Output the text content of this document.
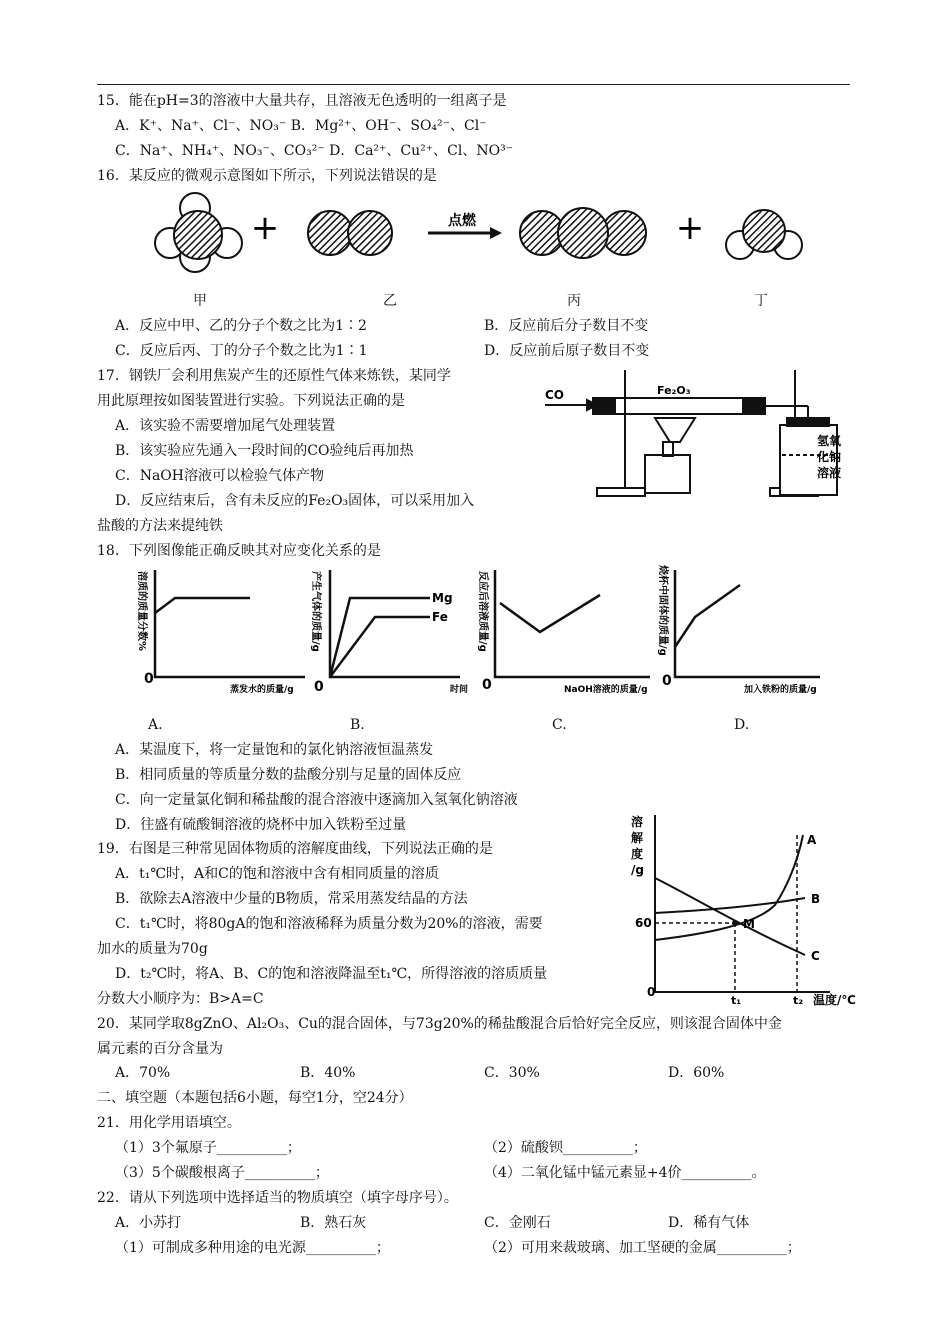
15．能在pH=3的溶液中大量共存，且溶液无色透明的一组离子是
A．K⁺、Na⁺、Cl⁻、NO₃⁻ B．Mg²⁺、OH⁻、SO₄²⁻、Cl⁻
C．Na⁺、NH₄⁺、NO₃⁻、CO₃²⁻ D．Ca²⁺、Cu²⁺、Cl、NO³⁻
16．某反应的微观示意图如下所示，下列说法错误的是
+	点燃	+
甲	乙	丙	丁
A．反应中甲、乙的分子个数之比为1∶2	B．反应前后分子数目不变
C．反应后丙、丁的分子个数之比为1∶1	D．反应前后原子数目不变
17．钢铁厂会利用焦炭产生的还原性气体来炼铁，某同学
用此原理按如图装置进行实验。下列说法正确的是
A．该实验不需要增加尾气处理装置
B．该实验应先通入一段时间的CO验纯后再加热
C．NaOH溶液可以检验气体产物
D．反应结束后，含有未反应的Fe₂O₃固体，可以采用加入
盐酸的方法来提纯铁
CO	Fe₂O₃
氢氧
化钠
溶液
18．下列图像能正确反映其对应变化关系的是
0	0	0	0
蒸发水的质量/g	时间	NaOH溶液的质量/g	加入铁粉的质量/g
Mg
Fe
溶质的质量分数%	产生气体的质量/g	反应后溶液质量/g	烧杯中固体的质量/g
A.	B.	C.	D.
A．某温度下，将一定量饱和的氯化钠溶液恒温蒸发
B．相同质量的等质量分数的盐酸分别与足量的固体反应
C．向一定量氯化铜和稀盐酸的混合溶液中逐滴加入氢氧化钠溶液
D．往盛有硫酸铜溶液的烧杯中加入铁粉至过量
19．右图是三种常见固体物质的溶解度曲线，下列说法正确的是
A．t₁℃时，A和C的饱和溶液中含有相同质量的溶质
B．欲除去A溶液中少量的B物质，常采用蒸发结晶的方法
C．t₁℃时，将80gA的饱和溶液稀释为质量分数为20%的溶液，需要
加水的质量为70g
D．t₂℃时，将A、B、C的饱和溶液降温至t₁℃，所得溶液的溶质质量
分数大小顺序为：B>A=C
溶
解
度
/g
60
0
t₁	t₂ 温度/℃
A
B
C
M
20．某同学取8gZnO、Al₂O₃、Cu的混合固体，与73g20%的稀盐酸混合后恰好完全反应，则该混合固体中金
属元素的百分含量为
A．70%	B．40%	C．30%	D．60%
二、填空题（本题包括6小题，每空1分，空24分）
21．用化学用语填空。
（1）3个氟原子__________；	（2）硫酸钡__________；
（3）5个碳酸根离子__________；	（4）二氧化锰中锰元素显+4价__________。
22．请从下列选项中选择适当的物质填空（填字母序号）。
A．小苏打	B．熟石灰	C．金刚石	D．稀有气体
（1）可制成多种用途的电光源__________；	（2）可用来裁玻璃、加工坚硬的金属__________；
